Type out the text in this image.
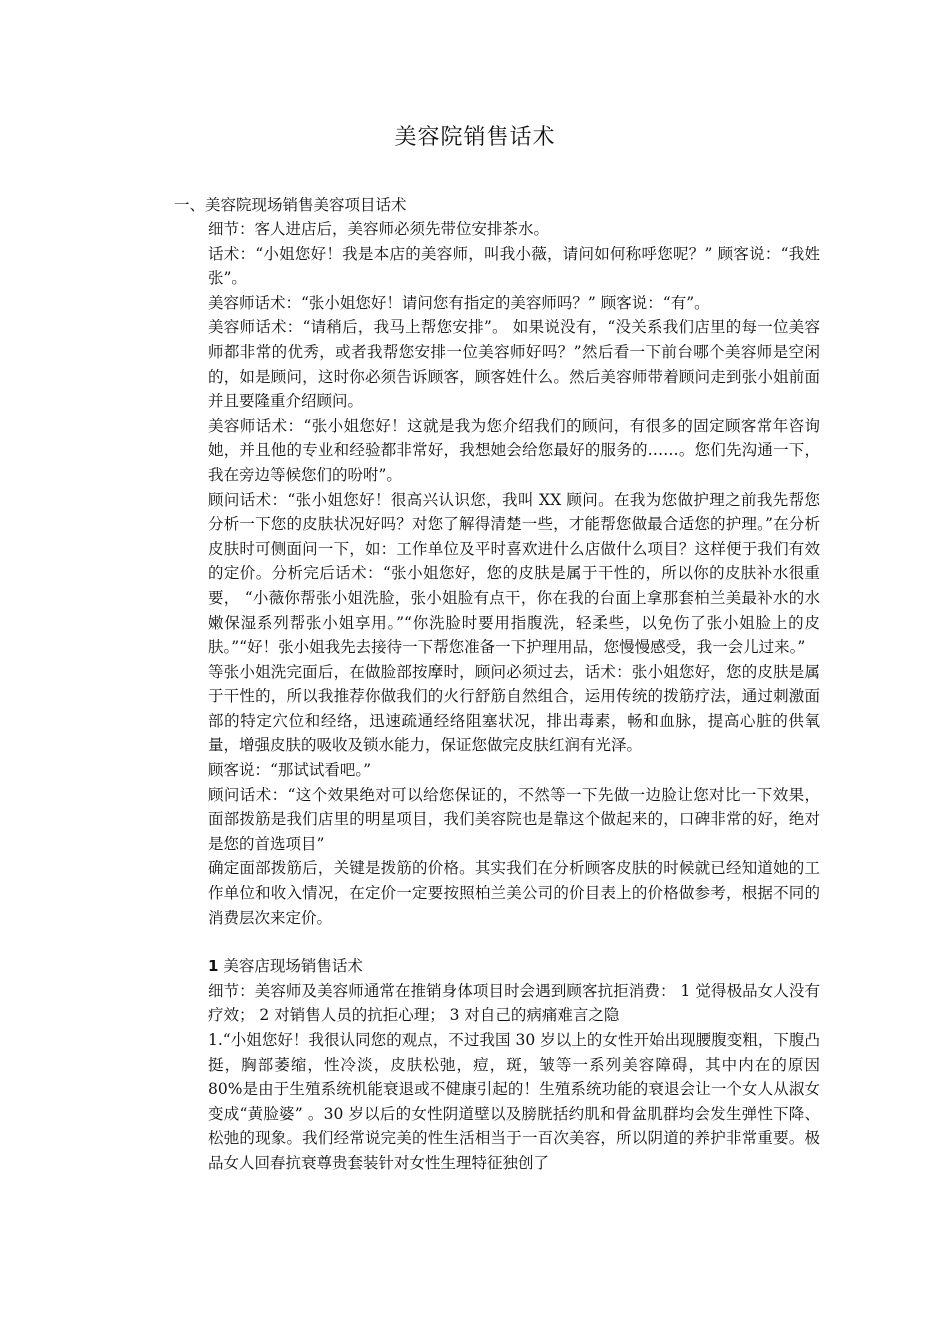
美容院销售话术
一、美容院现场销售美容项目话术

细节：客人进店后，美容师必须先带位安排茶水。

话术：“小姐您好！我是本店的美容师，叫我小薇，请问如何称呼您呢？” 顾客说：“我姓张”。

美容师话术：“张小姐您好！请问您有指定的美容师吗？” 顾客说：“有”。

美容师话术：“请稍后，我马上帮您安排”。 如果说没有，“没关系我们店里的每一位美容师都非常的优秀，或者我帮您安排一位美容师好吗？”然后看一下前台哪个美容师是空闲的，如是顾问，这时你必须告诉顾客，顾客姓什么。然后美容师带着顾问走到张小姐前面并且要隆重介绍顾问。

美容师话术：“张小姐您好！这就是我为您介绍我们的顾问，有很多的固定顾客常年咨询她，并且他的专业和经验都非常好，我想她会给您最好的服务的……。您们先沟通一下，我在旁边等候您们的吩咐”。

顾问话术：“张小姐您好！很高兴认识您，我叫 XX 顾问。在我为您做护理之前我先帮您分析一下您的皮肤状况好吗？对您了解得清楚一些，才能帮您做最合适您的护理。”在分析皮肤时可侧面问一下，如：工作单位及平时喜欢进什么店做什么项目？这样便于我们有效的定价。分析完后话术：“张小姐您好，您的皮肤是属于干性的，所以你的皮肤补水很重要， “小薇你帮张小姐洗脸，张小姐脸有点干，你在我的台面上拿那套柏兰美最补水的水嫩保湿系列帮张小姐享用。”“你洗脸时要用指腹洗，轻柔些，以免伤了张小姐脸上的皮肤。”“好！张小姐我先去接待一下帮您准备一下护理用品，您慢慢感受，我一会儿过来。”

等张小姐洗完面后，在做脸部按摩时，顾问必须过去，话术：张小姐您好，您的皮肤是属于干性的，所以我推荐你做我们的火行舒筋自然组合，运用传统的拨筋疗法，通过刺激面部的特定穴位和经络，迅速疏通经络阻塞状况，排出毒素，畅和血脉，提高心脏的供氧量，增强皮肤的吸收及锁水能力，保证您做完皮肤红润有光泽。

顾客说：“那试试看吧。”

顾问话术：“这个效果绝对可以给您保证的，不然等一下先做一边脸让您对比一下效果，面部拨筋是我们店里的明星项目，我们美容院也是靠这个做起来的，口碑非常的好，绝对是您的首选项目”

确定面部拨筋后，关键是拨筋的价格。其实我们在分析顾客皮肤的时候就已经知道她的工作单位和收入情况，在定价一定要按照柏兰美公司的价目表上的价格做参考，根据不同的消费层次来定价。

1 美容店现场销售话术

细节：美容师及美容师通常在推销身体项目时会遇到顾客抗拒消费： 1 觉得极品女人没有疗效； 2 对销售人员的抗拒心理； 3 对自己的病痛难言之隐

1.“小姐您好！我很认同您的观点，不过我国 30 岁以上的女性开始出现腰腹变粗，下腹凸挺，胸部萎缩，性冷淡，皮肤松弛，痘，斑，皱等一系列美容障碍，其中内在的原因 80%是由于生殖系统机能衰退或不健康引起的！生殖系统功能的衰退会让一个女人从淑女变成“黄脸婆” 。30 岁以后的女性阴道壁以及膀胱括约肌和骨盆肌群均会发生弹性下降、松弛的现象。我们经常说完美的性生活相当于一百次美容，所以阴道的养护非常重要。极品女人回春抗衰尊贵套装针对女性生理特征独创了
